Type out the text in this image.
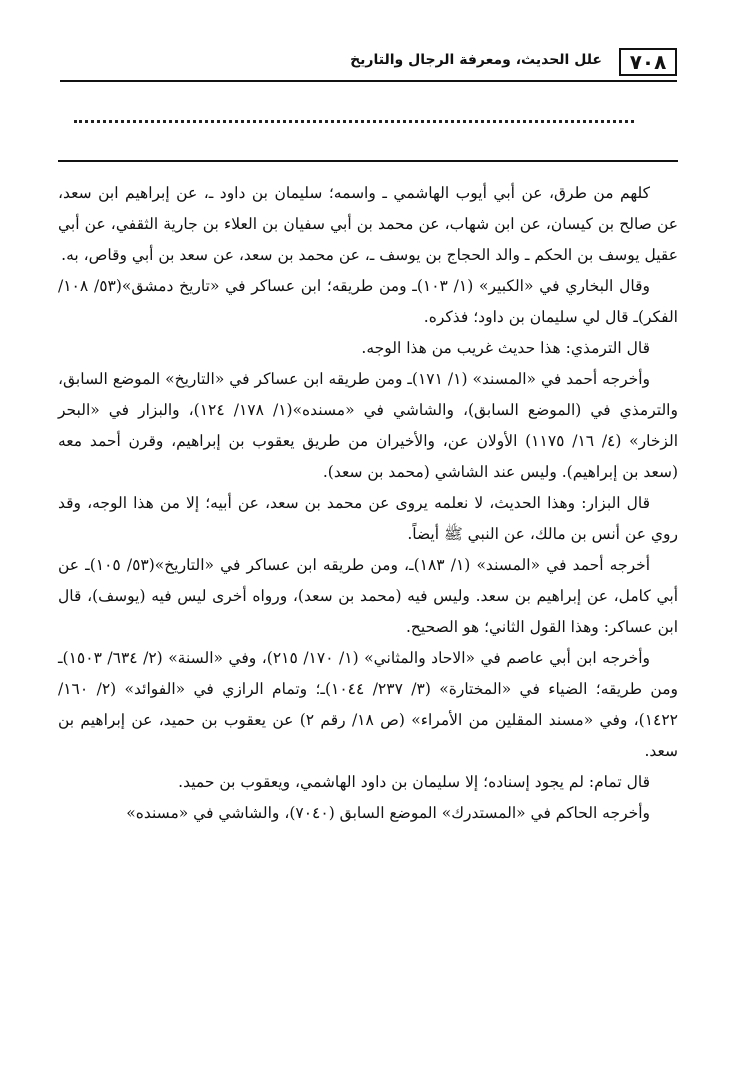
٧٠٨
علل الحديث، ومعرفة الرجال والتاريخ

كلهم من طرق، عن أبي أيوب الهاشمي ـ واسمه؛ سليمان بن داود ـ، عن إبراهيم ابن سعد، عن صالح بن كيسان، عن ابن شهاب، عن محمد بن أبي سفيان بن العلاء بن جارية الثقفي، عن أبي عقيل يوسف بن الحكم ـ والد الحجاج بن يوسف ـ، عن محمد بن سعد، عن سعد بن أبي وقاص، به.

وقال البخاري في «الكبير» (١/ ١٠٣)ـ ومن طريقه؛ ابن عساكر في «تاريخ دمشق»(٥٣/ ١٠٨/ الفكر)ـ قال لي سليمان بن داود؛ فذكره.

قال الترمذي: هذا حديث غريب من هذا الوجه.

وأخرجه أحمد في «المسند» (١/ ١٧١)ـ ومن طريقه ابن عساكر في «التاريخ» الموضع السابق، والترمذي في (الموضع السابق)، والشاشي في «مسنده»(١/ ١٧٨/ ١٢٤)، والبزار في «البحر الزخار» (٤/ ١٦/ ١١٧٥) الأولان عن، والأخيران من طريق يعقوب بن إبراهيم، وقرن أحمد معه (سعد بن إبراهيم). وليس عند الشاشي (محمد بن سعد).

قال البزار: وهذا الحديث، لا نعلمه يروى عن محمد بن سعد، عن أبيه؛ إلا من هذا الوجه، وقد روي عن أنس بن مالك، عن النبي ﷺ أيضاً.

أخرجه أحمد في «المسند» (١/ ١٨٣)ـ، ومن طريقه ابن عساكر في «التاريخ»(٥٣/ ١٠٥)ـ عن أبي كامل، عن إبراهيم بن سعد. وليس فيه (محمد بن سعد)، ورواه أخرى ليس فيه (يوسف)، قال ابن عساكر: وهذا القول الثاني؛ هو الصحيح.

وأخرجه ابن أبي عاصم في «الاحاد والمثاني» (١/ ١٧٠/ ٢١٥)، وفي «السنة» (٢/ ٦٣٤/ ١٥٠٣)ـ ومن طريقه؛ الضياء في «المختارة» (٣/ ٢٣٧/ ١٠٤٤)ـ؛ وتمام الرازي في «الفوائد» (٢/ ١٦٠/ ١٤٢٢)، وفي «مسند المقلين من الأمراء» (ص ١٨/ رقم ٢) عن يعقوب بن حميد، عن إبراهيم بن سعد.

قال تمام: لم يجود إسناده؛ إلا سليمان بن داود الهاشمي، ويعقوب بن حميد.

وأخرجه الحاكم في «المستدرك» الموضع السابق (٧٠٤٠)، والشاشي في «مسنده»
